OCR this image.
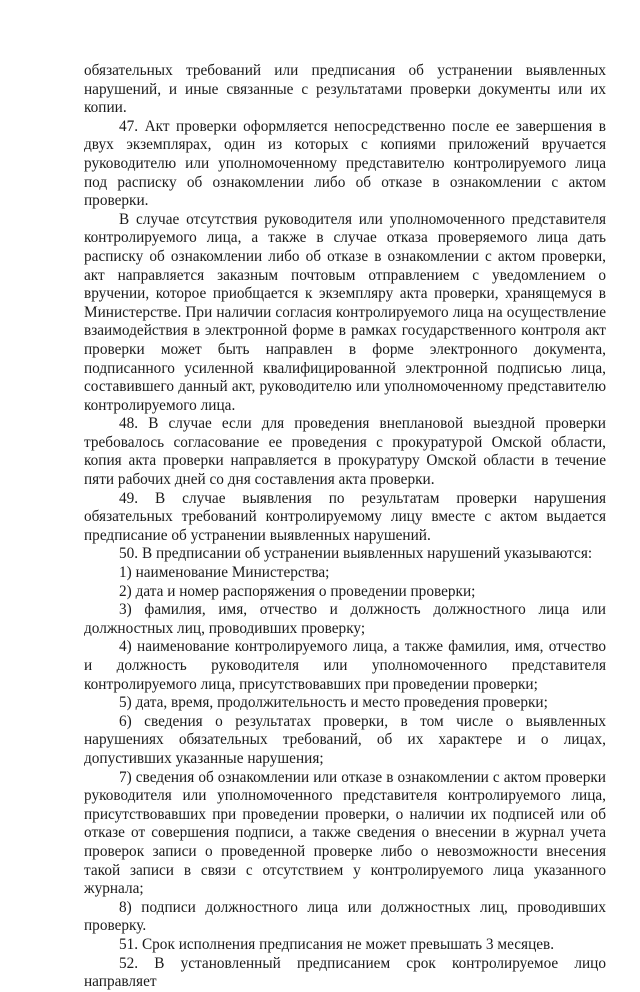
обязательных требований или предписания об устранении выявленных нарушений, и иные связанные с результатами проверки документы или их копии.

47. Акт проверки оформляется непосредственно после ее завершения в двух экземплярах, один из которых с копиями приложений вручается руководителю или уполномоченному представителю контролируемого лица под расписку об ознакомлении либо об отказе в ознакомлении с актом проверки.

В случае отсутствия руководителя или уполномоченного представителя контролируемого лица, а также в случае отказа проверяемого лица дать расписку об ознакомлении либо об отказе в ознакомлении с актом проверки, акт направляется заказным почтовым отправлением с уведомлением о вручении, которое приобщается к экземпляру акта проверки, хранящемуся в Министерстве. При наличии согласия контролируемого лица на осуществление взаимодействия в электронной форме в рамках государственного контроля акт проверки может быть направлен в форме электронного документа, подписанного усиленной квалифицированной электронной подписью лица, составившего данный акт, руководителю или уполномоченному представителю контролируемого лица.

48. В случае если для проведения внеплановой выездной проверки требовалось согласование ее проведения с прокуратурой Омской области, копия акта проверки направляется в прокуратуру Омской области в течение пяти рабочих дней со дня составления акта проверки.

49. В случае выявления по результатам проверки нарушения обязательных требований контролируемому лицу вместе с актом выдается предписание об устранении выявленных нарушений.

50. В предписании об устранении выявленных нарушений указываются:

1) наименование Министерства;

2) дата и номер распоряжения о проведении проверки;

3) фамилия, имя, отчество и должность должностного лица или должностных лиц, проводивших проверку;

4) наименование контролируемого лица, а также фамилия, имя, отчество и должность руководителя или уполномоченного представителя контролируемого лица, присутствовавших при проведении проверки;

5) дата, время, продолжительность и место проведения проверки;

6) сведения о результатах проверки, в том числе о выявленных нарушениях обязательных требований, об их характере и о лицах, допустивших указанные нарушения;

7) сведения об ознакомлении или отказе в ознакомлении с актом проверки руководителя или уполномоченного представителя контролируемого лица, присутствовавших при проведении проверки, о наличии их подписей или об отказе от совершения подписи, а также сведения о внесении в журнал учета проверок записи о проведенной проверке либо о невозможности внесения такой записи в связи с отсутствием у контролируемого лица указанного журнала;

8) подписи должностного лица или должностных лиц, проводивших проверку.

51. Срок исполнения предписания не может превышать 3 месяцев.

52. В установленный предписанием срок контролируемое лицо направляет
